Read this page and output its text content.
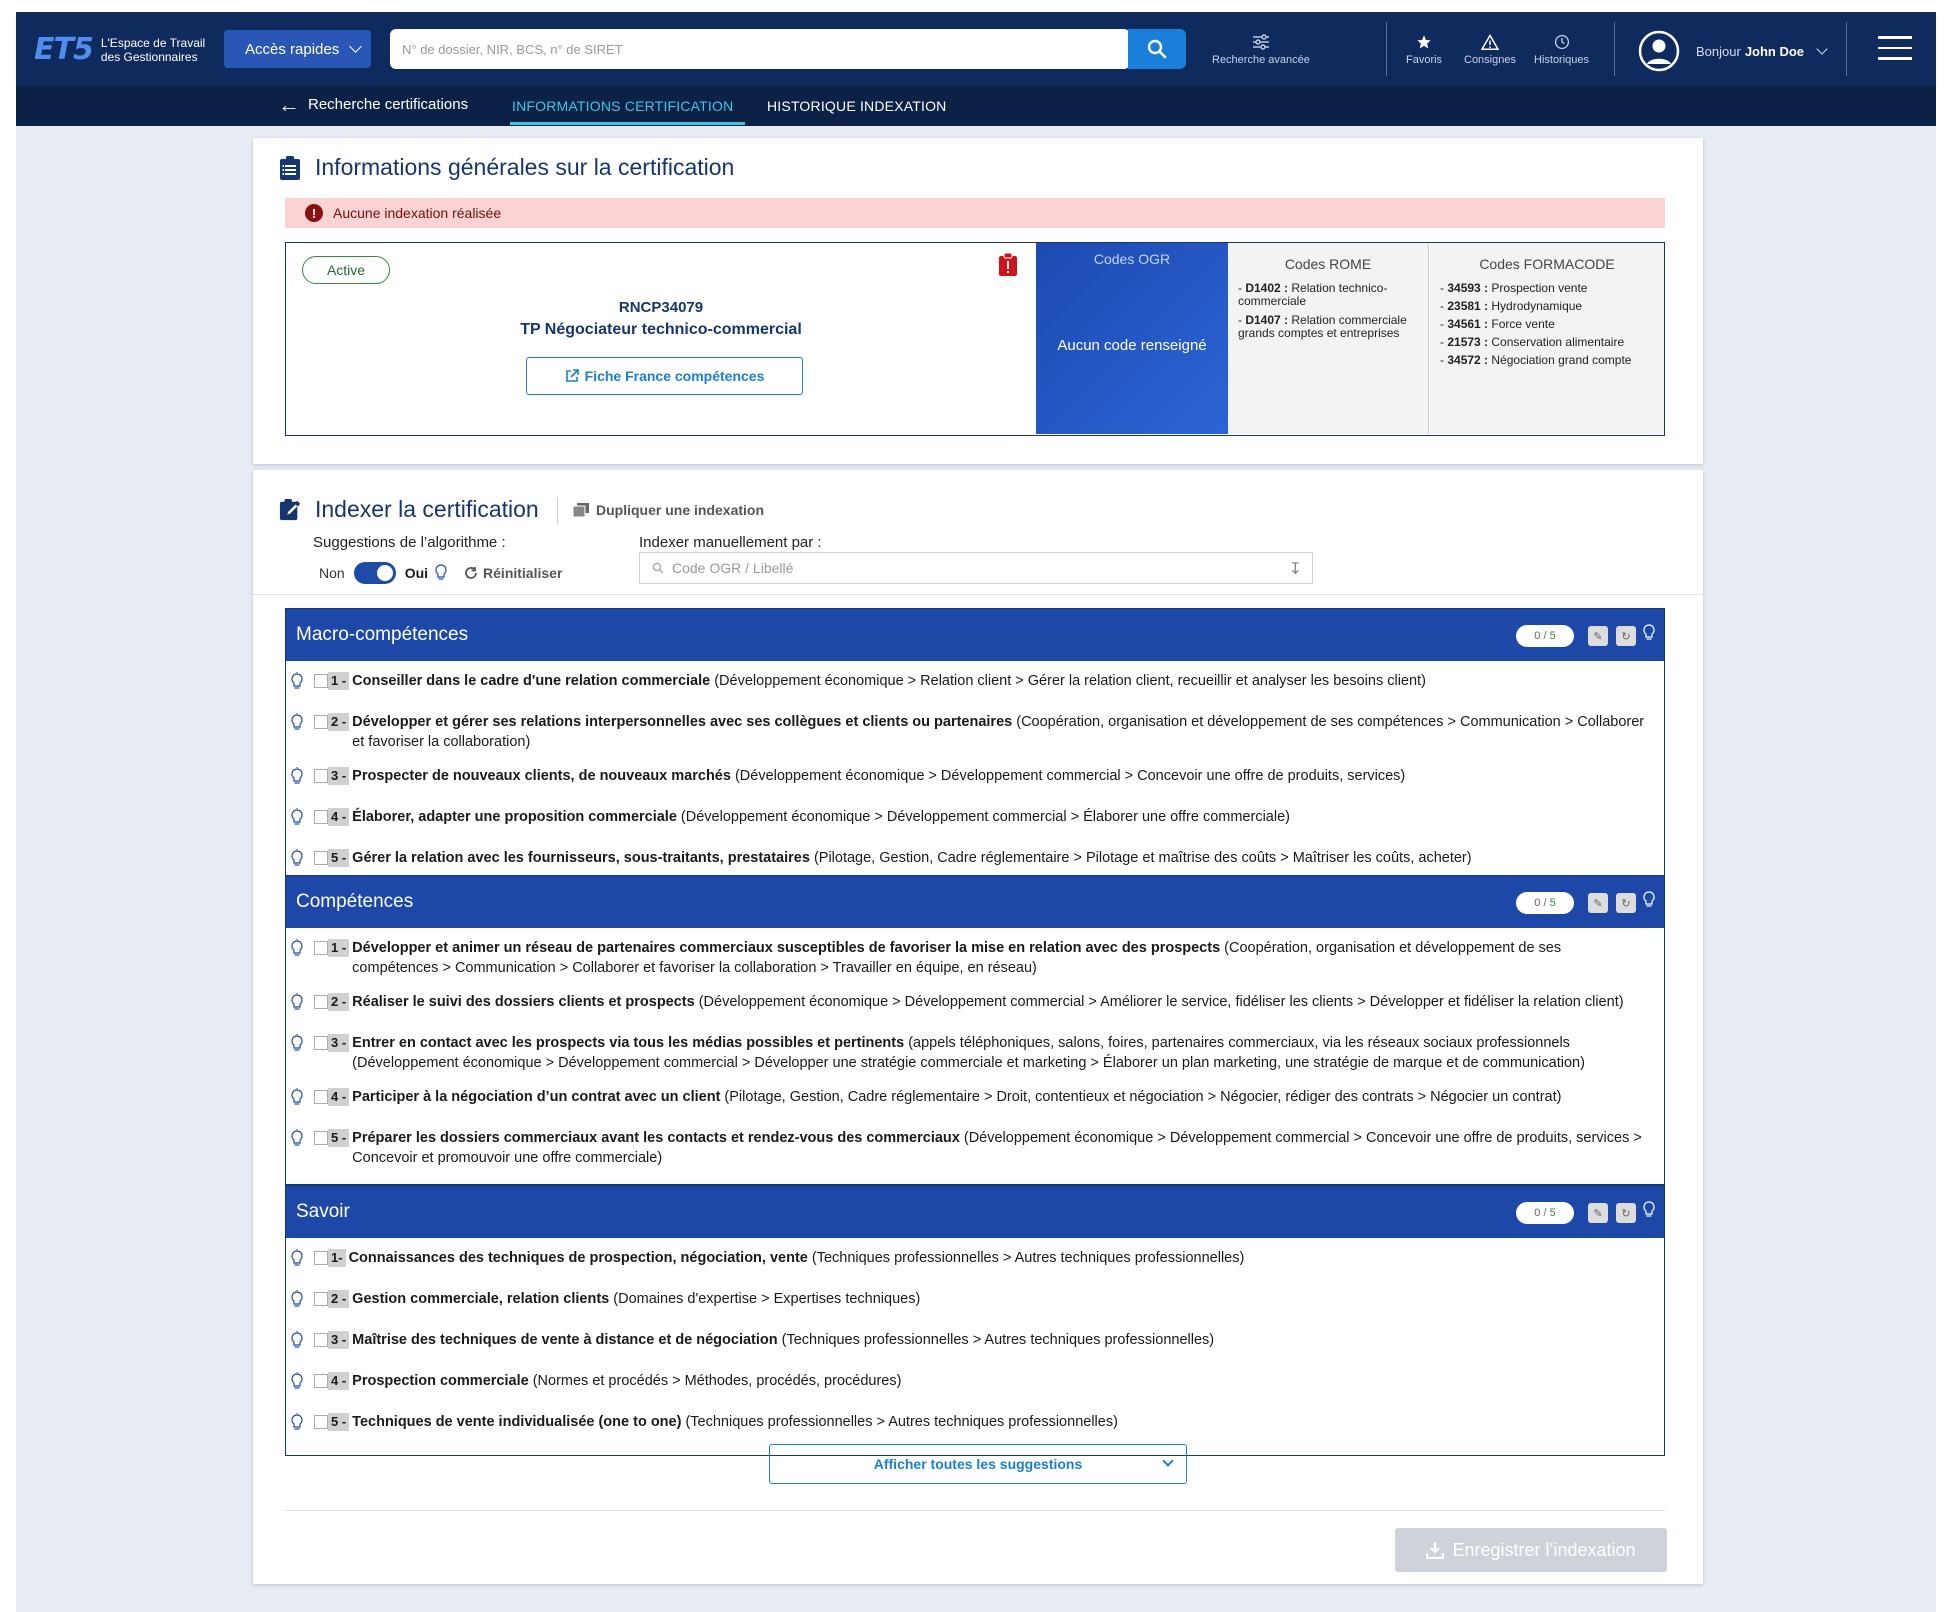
ET5 L'Espace de Travail
des Gestionnaires	Accès rapides
N° de dossier, NIR, BCS, n° de SIRET
Recherche avancée	Favoris Consignes Historiques
Bonjour John Doe
← Recherche certifications	INFORMATIONS CERTIFICATION HISTORIQUE INDEXATION
Informations générales sur la certification
!	Aucune indexation réalisée
Active
RNCP34079
TP Négociateur technico-commercial
Fiche France compétences
Codes OGR
Aucun code renseigné
Codes ROME
- D1402 : Relation technico-commerciale
- D1407 : Relation commerciale grands comptes et entreprises
Codes FORMACODE
- 34593 : Prospection vente
- 23581 : Hydrodynamique
- 34561 : Force vente
- 21573 : Conservation alimentaire
- 34572 : Négociation grand compte
Indexer la certification	Dupliquer une indexation
Suggestions de l’algorithme :
Non	Oui	Réinitialiser
Indexer manuellement par :
Code OGR / Libellé	↧
Macro-compétences	0 / 5	✎	↻
1 - Conseiller dans le cadre d'une relation commerciale (Développement économique > Relation client > Gérer la relation client, recueillir et analyser les besoins client)
2 - Développer et gérer ses relations interpersonnelles avec ses collègues et clients ou partenaires (Coopération, organisation et développement de ses compétences > Communication > Collaborer et favoriser la collaboration)
3 - Prospecter de nouveaux clients, de nouveaux marchés (Développement économique > Développement commercial > Concevoir une offre de produits, services)
4 - Élaborer, adapter une proposition commerciale (Développement économique > Développement commercial > Élaborer une offre commerciale)
5 - Gérer la relation avec les fournisseurs, sous-traitants, prestataires (Pilotage, Gestion, Cadre réglementaire > Pilotage et maîtrise des coûts > Maîtriser les coûts, acheter)
Compétences	0 / 5	✎	↻
1 - Développer et animer un réseau de partenaires commerciaux susceptibles de favoriser la mise en relation avec des prospects (Coopération, organisation et développement de ses compétences > Communication > Collaborer et favoriser la collaboration > Travailler en équipe, en réseau)
2 - Réaliser le suivi des dossiers clients et prospects (Développement économique > Développement commercial > Améliorer le service, fidéliser les clients > Développer et fidéliser la relation client)
3 - Entrer en contact avec les prospects via tous les médias possibles et pertinents (appels téléphoniques, salons, foires, partenaires commerciaux, via les réseaux sociaux professionnels (Développement économique > Développement commercial > Développer une stratégie commerciale et marketing > Élaborer un plan marketing, une stratégie de marque et de communication)
4 - Participer à la négociation d’un contrat avec un client (Pilotage, Gestion, Cadre réglementaire > Droit, contentieux et négociation > Négocier, rédiger des contrats > Négocier un contrat)
5 - Préparer les dossiers commerciaux avant les contacts et rendez-vous des commerciaux (Développement économique > Développement commercial > Concevoir une offre de produits, services > Concevoir et promouvoir une offre commerciale)
Savoir	0 / 5	✎	↻
1- Connaissances des techniques de prospection, négociation, vente (Techniques professionnelles > Autres techniques professionnelles)
2 - Gestion commerciale, relation clients (Domaines d'expertise > Expertises techniques)
3 - Maîtrise des techniques de vente à distance et de négociation (Techniques professionnelles > Autres techniques professionnelles)
4 - Prospection commerciale (Normes et procédés > Méthodes, procédés, procédures)
5 - Techniques de vente individualisée (one to one) (Techniques professionnelles > Autres techniques professionnelles)
Afficher toutes les suggestions
Enregistrer l’indexation
